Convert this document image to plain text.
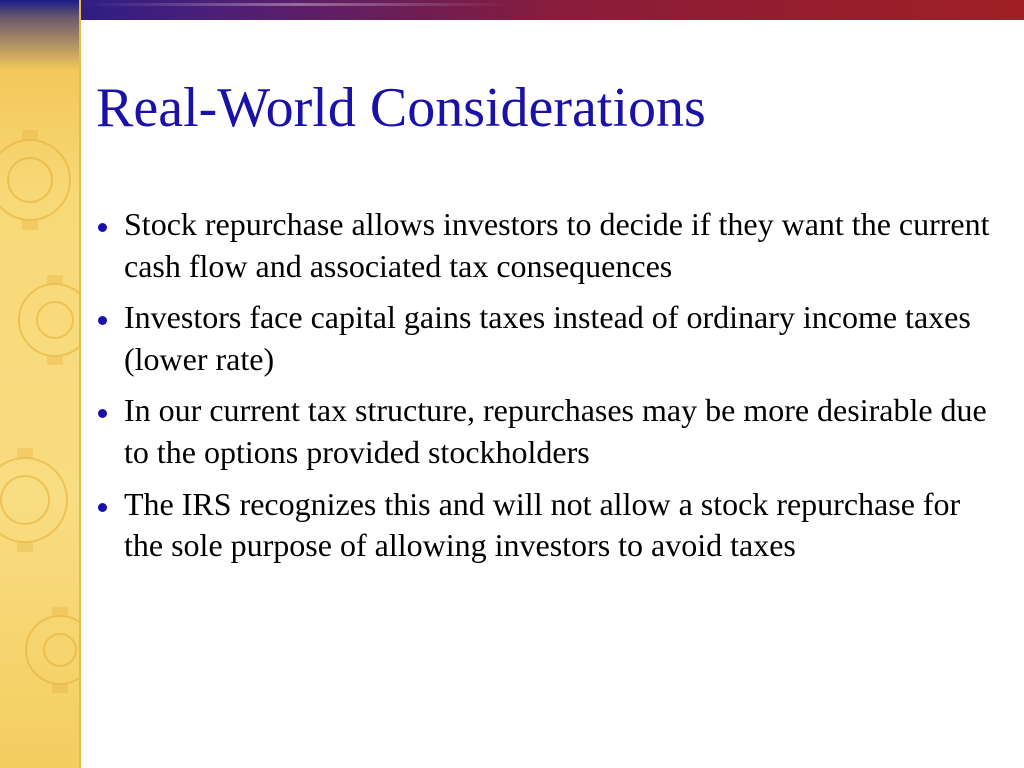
Real-World Considerations
Stock repurchase allows investors to decide if they want the current cash flow and associated tax consequences
Investors face capital gains taxes instead of ordinary income taxes (lower rate)
In our current tax structure, repurchases may be more desirable due to the options provided stockholders
The IRS recognizes this and will not allow a stock repurchase for the sole purpose of allowing investors to avoid taxes
